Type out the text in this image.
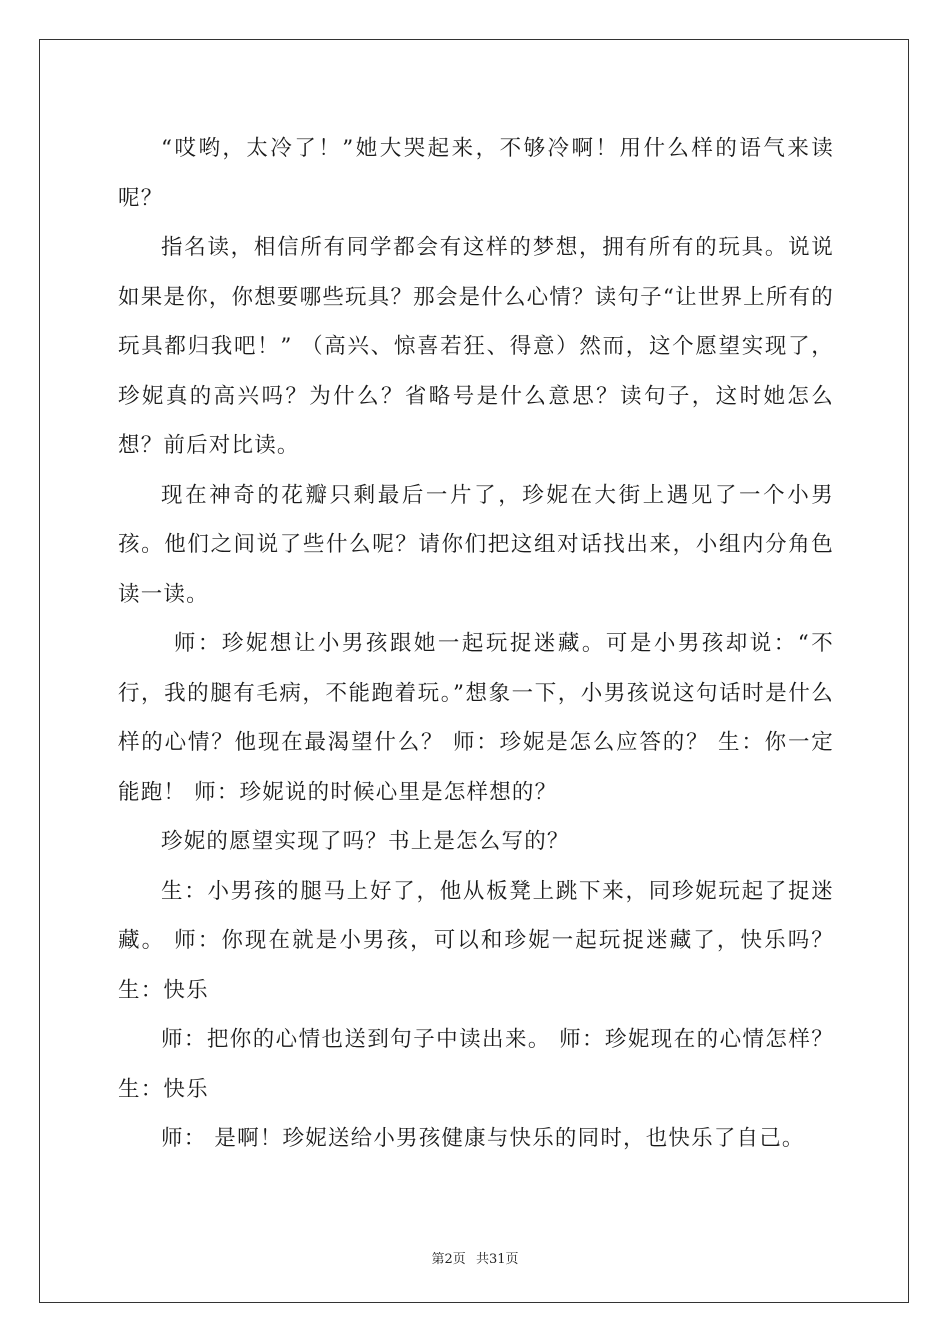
“哎哟，太冷了！”她大哭起来，不够冷啊！用什么样的语气来读呢？

指名读，相信所有同学都会有这样的梦想，拥有所有的玩具。说说如果是你，你想要哪些玩具？那会是什么心情？读句子“让世界上所有的玩具都归我吧！” （高兴、惊喜若狂、得意）然而，这个愿望实现了，珍妮真的高兴吗？为什么？省略号是什么意思？读句子，这时她怎么想？前后对比读。

现在神奇的花瓣只剩最后一片了，珍妮在大街上遇见了一个小男孩。他们之间说了些什么呢？请你们把这组对话找出来，小组内分角色读一读。

师：珍妮想让小男孩跟她一起玩捉迷藏。可是小男孩却说：“不行，我的腿有毛病，不能跑着玩。”想象一下，小男孩说这句话时是什么样的心情？他现在最渴望什么？ 师：珍妮是怎么应答的？ 生：你一定能跑！ 师：珍妮说的时候心里是怎样想的？

珍妮的愿望实现了吗？书上是怎么写的？

生：小男孩的腿马上好了，他从板凳上跳下来，同珍妮玩起了捉迷藏。 师：你现在就是小男孩，可以和珍妮一起玩捉迷藏了，快乐吗？ 生：快乐

师：把你的心情也送到句子中读出来。 师：珍妮现在的心情怎样？ 生：快乐

师： 是啊！珍妮送给小男孩健康与快乐的同时，也快乐了自己。

第2页 共31页
